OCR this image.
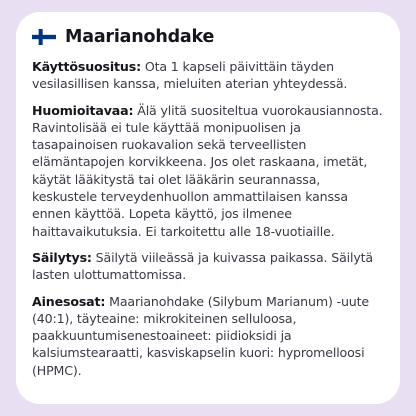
Maarianohdake

Käyttösuositus: Ota 1 kapseli päivittäin täyden vesilasillisen kanssa, mieluiten aterian yhteydessä.

Huomioitavaa: Älä ylitä suositeltua vuorokausiannosta. Ravintolisää ei tule käyttää monipuolisen ja tasapainoisen ruokavalion sekä terveellisten elämäntapojen korvikkeena. Jos olet raskaana, imetät, käytät lääkitystä tai olet lääkärin seurannassa, keskustele terveydenhuollon ammattilaisen kanssa ennen käyttöä. Lopeta käyttö, jos ilmenee haittavaikutuksia. Ei tarkoitettu alle 18-vuotiaille.

Säilytys: Säilytä viileässä ja kuivassa paikassa. Säilytä lasten ulottumattomissa.

Ainesosat: Maarianohdake (Silybum Marianum) -uute (40:1), täyteaine: mikrokiteinen selluloosa, paakkuuntumisenestoaineet: piidioksidi ja kalsiumstearaatti, kasviskapselin kuori: hypromelloosi (HPMC).
